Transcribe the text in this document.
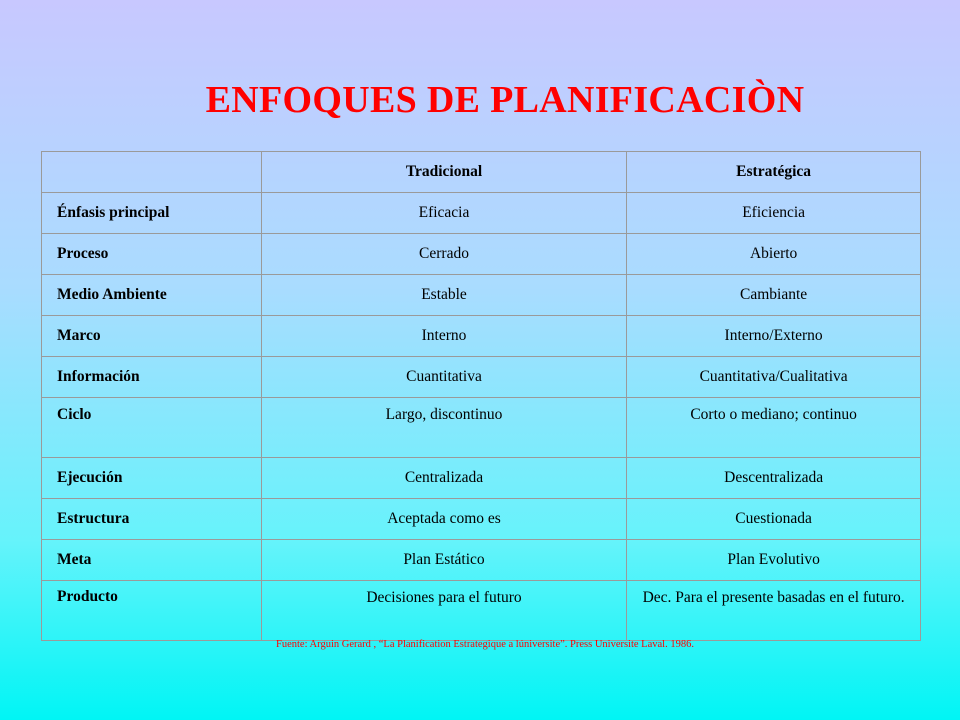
ENFOQUES DE PLANIFICACIÒN
	Tradicional	Estratégica
Énfasis principal	Eficacia	Eficiencia
Proceso	Cerrado	Abierto
Medio Ambiente	Estable	Cambiante
Marco	Interno	Interno/Externo
Información	Cuantitativa	Cuantitativa/Cualitativa
Ciclo	Largo, discontinuo	Corto o mediano; continuo
Ejecución	Centralizada	Descentralizada
Estructura	Aceptada como es	Cuestionada
Meta	Plan Estático	Plan Evolutivo
Producto	Decisiones para el futuro	Dec. Para el presente basadas en el futuro.
Fuente: Arguin Gerard , “La Planification Estrategique a lúniversite”. Press Universite Laval. 1986.
